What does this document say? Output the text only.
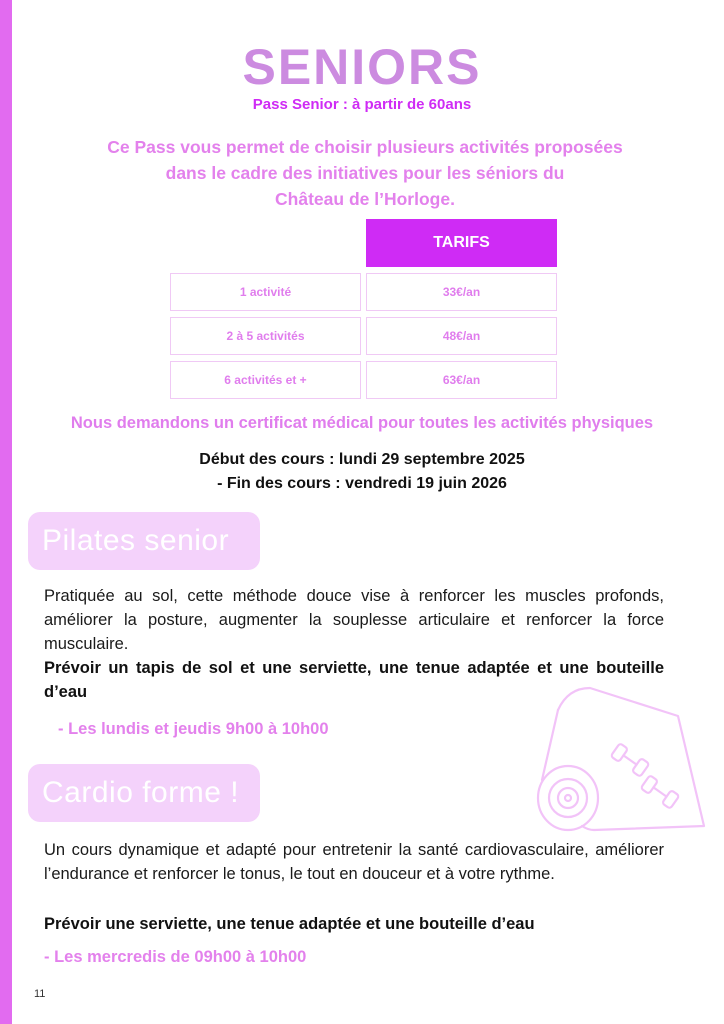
SENIORS
Pass Senior : à partir de 60ans
Ce Pass vous permet de choisir plusieurs activités proposées
dans le cadre des initiatives pour les séniors du
Château de l’Horloge.
TARIFS
1 activité	33€/an
2 à 5 activités	48€/an
6 activités et +	63€/an
Nous demandons un certificat médical pour toutes les activités physiques
Début des cours : lundi 29 septembre 2025
- Fin des cours : vendredi 19 juin 2026
Pilates senior
Pratiquée au sol, cette méthode douce vise à renforcer les muscles profonds, améliorer la posture, augmenter la souplesse articulaire et renforcer la force musculaire.
Prévoir un tapis de sol et une serviette, une tenue adaptée et une bouteille d’eau
- Les lundis et jeudis 9h00 à 10h00
Cardio forme !
Un cours dynamique et adapté pour entretenir la santé cardiovasculaire, améliorer l’endurance et renforcer le tonus, le tout en douceur et à votre rythme.
Prévoir une serviette, une tenue adaptée et une bouteille d’eau
- Les mercredis de 09h00 à 10h00
11
